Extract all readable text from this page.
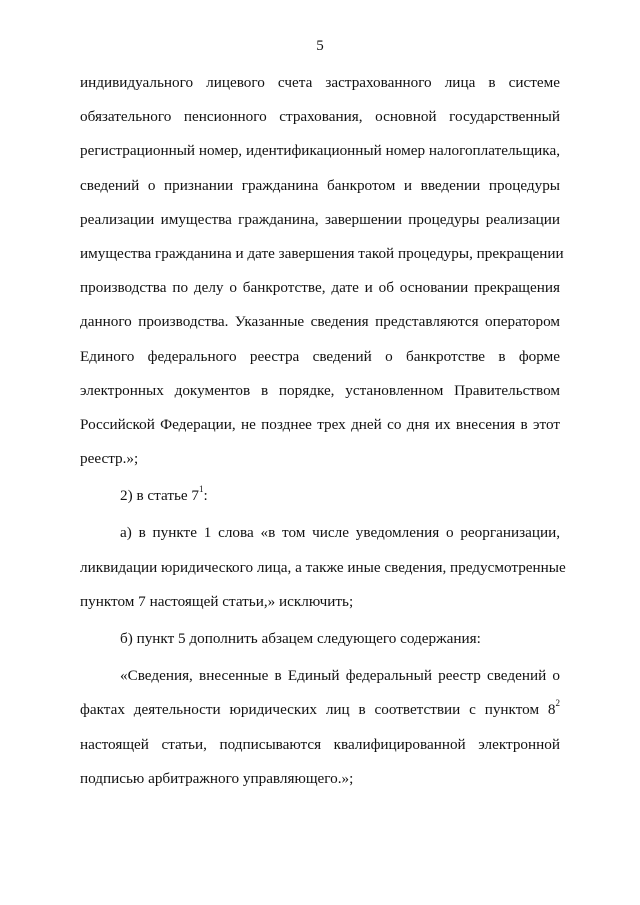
5
индивидуального лицевого счета застрахованного лица в системе
обязательного пенсионного страхования, основной государственный
регистрационный номер, идентификационный номер налогоплательщика,
сведений о признании гражданина банкротом и введении процедуры
реализации имущества гражданина, завершении процедуры реализации
имущества гражданина и дате завершения такой процедуры, прекращении
производства по делу о банкротстве, дате и об основании прекращения
данного производства. Указанные сведения представляются оператором
Единого федерального реестра сведений о банкротстве в форме
электронных документов в порядке, установленном Правительством
Российской Федерации, не позднее трех дней со дня их внесения в этот
реестр.»;
2) в статье $7^1$:
а) в пункте 1 слова «в том числе уведомления о реорганизации,
ликвидации юридического лица, а также иные сведения, предусмотренные
пунктом 7 настоящей статьи,» исключить;
б) пункт 5 дополнить абзацем следующего содержания:
«Сведения, внесенные в Единый федеральный реестр сведений о
фактах деятельности юридических лиц в соответствии с пунктом $8^2$
настоящей статьи, подписываются квалифицированной электронной
подписью арбитражного управляющего.»;
